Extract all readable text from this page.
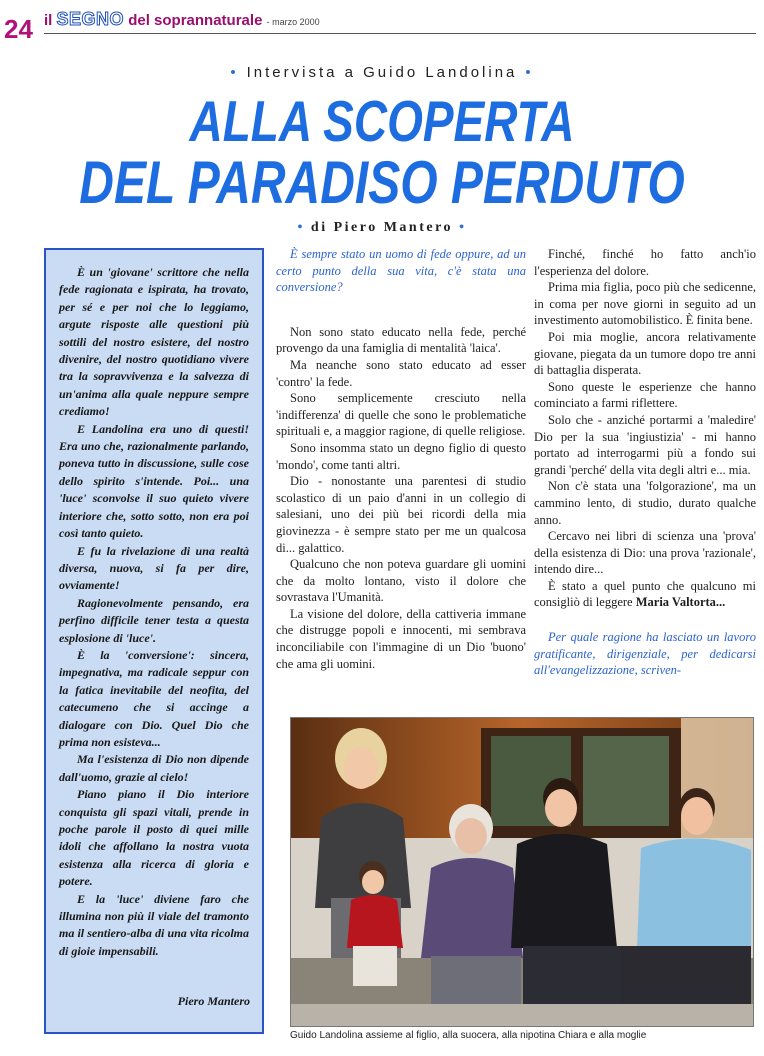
24 il SEGNO del soprannaturale - marzo 2000
• Intervista a Guido Landolina •
ALLA SCOPERTA
DEL PARADISO PERDUTO
• di Piero Mantero •

È un 'giovane' scrittore che nella fede ragionata e ispirata, ha trovato, per sé e per noi che lo leggiamo, argute risposte alle questioni più sottili del nostro esistere, del nostro divenire, del nostro quotidiano vivere tra la sopravvivenza e la salvezza di un'anima alla quale neppure sempre crediamo!

E Landolina era uno di questi! Era uno che, razionalmente parlando, poneva tutto in discussione, sulle cose dello spirito s'intende. Poi... una 'luce' sconvolse il suo quieto vivere interiore che, sotto sotto, non era poi così tanto quieto.

E fu la rivelazione di una realtà diversa, nuova, si fa per dire, ovviamente!

Ragionevolmente pensando, era perfino difficile tener testa a questa esplosione di 'luce'.

È la 'conversione': sincera, impegnativa, ma radicale seppur con la fatica inevitabile del neofita, del catecumeno che si accinge a dialogare con Dio. Quel Dio che prima non esisteva...

Ma l'esistenza di Dio non dipende dall'uomo, grazie al cielo!

Piano piano il Dio interiore conquista gli spazi vitali, prende in poche parole il posto di quei mille idoli che affollano la nostra vuota esistenza alla ricerca di gloria e potere.

E la 'luce' diviene faro che illumina non più il viale del tramonto ma il sentiero-alba di una vita ricolma di gioie impensabili.

Piero Mantero

È sempre stato un uomo di fede oppure, ad un certo punto della sua vita, c'è stata una conversione?

Non sono stato educato nella fede, perché provengo da una famiglia di mentalità 'laica'.

Ma neanche sono stato educato ad esser 'contro' la fede.

Sono semplicemente cresciuto nella 'indifferenza' di quelle che sono le problematiche spirituali e, a maggior ragione, di quelle religiose.

Sono insomma stato un degno figlio di questo 'mondo', come tanti altri.

Dio - nonostante una parentesi di studio scolastico di un paio d'anni in un collegio di salesiani, uno dei più bei ricordi della mia giovinezza - è sempre stato per me un qualcosa di... galattico.

Qualcuno che non poteva guardare gli uomini che da molto lontano, visto il dolore che sovrastava l'Umanità.

La visione del dolore, della cattiveria immane che distrugge popoli e innocenti, mi sembrava inconciliabile con l'immagine di un Dio 'buono' che ama gli uomini.

Finché, finché ho fatto anch'io l'esperienza del dolore.

Prima mia figlia, poco più che sedicenne, in coma per nove giorni in seguito ad un investimento automobilistico. È finita bene.

Poi mia moglie, ancora relativamente giovane, piegata da un tumore dopo tre anni di battaglia disperata.

Sono queste le esperienze che hanno cominciato a farmi riflettere.

Solo che - anziché portarmi a 'maledire' Dio per la sua 'ingiustizia' - mi hanno portato ad interrogarmi più a fondo sui grandi 'perché' della vita degli altri e... mia.

Non c'è stata una 'folgorazione', ma un cammino lento, di studio, durato qualche anno.

Cercavo nei libri di scienza una 'prova' della esistenza di Dio: una prova 'razionale', intendo dire...

È stato a quel punto che qualcuno mi consigliò di leggere Maria Valtorta...

Per quale ragione ha lasciato un lavoro gratificante, dirigenziale, per dedicarsi all'evangelizzazione, scriven-

Guido Landolina assieme al figlio, alla suocera, alla nipotina Chiara e alla moglie
